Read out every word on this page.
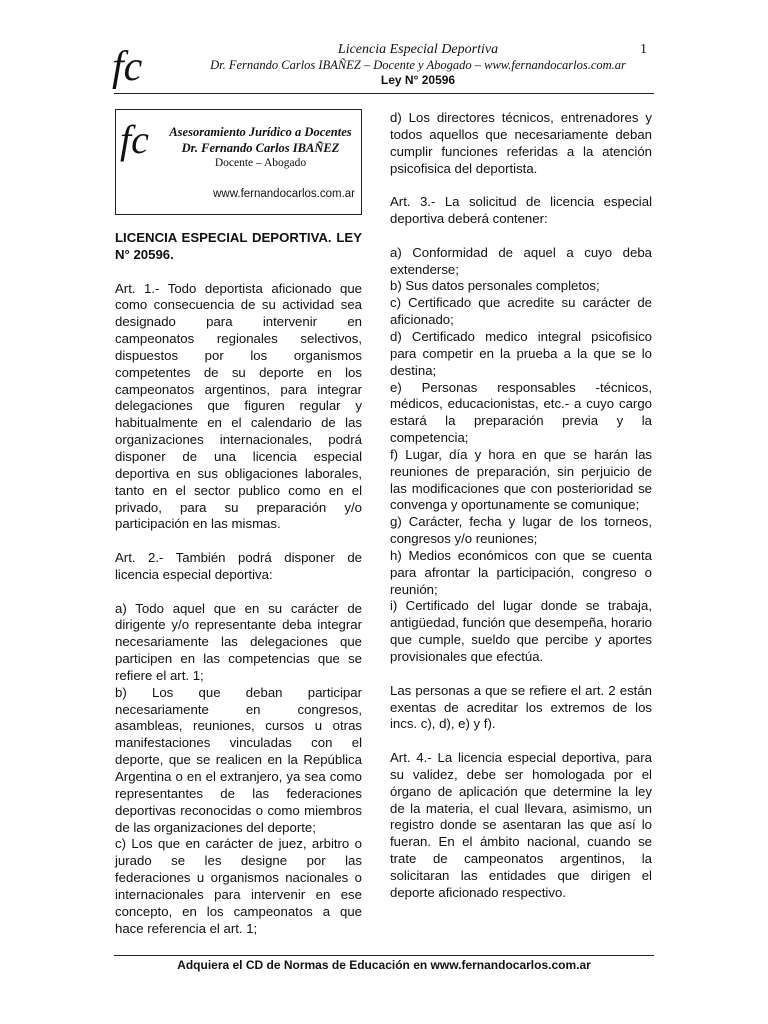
fc	Licencia Especial Deportiva
Dr. Fernando Carlos IBAÑEZ – Docente y Abogado – www.fernandocarlos.com.ar
Ley N° 20596
1
fc	Asesoramiento Jurídico a Docentes
Dr. Fernando Carlos IBAÑEZ
Docente – Abogado
www.fernandocarlos.com.ar

LICENCIA ESPECIAL DEPORTIVA. LEY N° 20596.

Art. 1.- Todo deportista aficionado que como consecuencia de su actividad sea designado para intervenir en campeonatos regionales selectivos, dispuestos por los organismos competentes de su deporte en los campeonatos argentinos, para integrar delegaciones que figuren regular y habitualmente en el calendario de las organizaciones internacionales, podrá disponer de una licencia especial deportiva en sus obligaciones laborales, tanto en el sector publico como en el privado, para su preparación y/o participación en las mismas.

Art. 2.- También podrá disponer de licencia especial deportiva:

a) Todo aquel que en su carácter de dirigente y/o representante deba integrar necesariamente las delegaciones que participen en las competencias que se refiere el art. 1;

b) Los que deban participar necesariamente en congresos, asambleas, reuniones, cursos u otras manifestaciones vinculadas con el deporte, que se realicen en la República Argentina o en el extranjero, ya sea como representantes de las federaciones deportivas reconocidas o como miembros de las organizaciones del deporte;

c) Los que en carácter de juez, arbitro o jurado se les designe por las federaciones u organismos nacionales o internacionales para intervenir en ese concepto, en los campeonatos a que hace referencia el art. 1;

d) Los directores técnicos, entrenadores y todos aquellos que necesariamente deban cumplir funciones referidas a la atención psicofisica del deportista.

Art. 3.- La solicitud de licencia especial deportiva deberá contener:

a) Conformidad de aquel a cuyo deba extenderse;

b) Sus datos personales completos;

c) Certificado que acredite su carácter de aficionado;

d) Certificado medico integral psicofisico para competir en la prueba a la que se lo destina;

e) Personas responsables -técnicos, médicos, educacionistas, etc.- a cuyo cargo estará la preparación previa y la competencia;

f) Lugar, día y hora en que se harán las reuniones de preparación, sin perjuicio de las modificaciones que con posterioridad se convenga y oportunamente se comunique;

g) Carácter, fecha y lugar de los torneos, congresos y/o reuniones;

h) Medios económicos con que se cuenta para afrontar la participación, congreso o reunión;

i) Certificado del lugar donde se trabaja, antigüedad, función que desempeña, horario que cumple, sueldo que percibe y aportes provisionales que efectúa.

Las personas a que se refiere el art. 2 están exentas de acreditar los extremos de los incs. c), d), e) y f).

Art. 4.- La licencia especial deportiva, para su validez, debe ser homologada por el órgano de aplicación que determine la ley de la materia, el cual llevara, asimismo, un registro donde se asentaran las que así lo fueran. En el ámbito nacional, cuando se trate de campeonatos argentinos, la solicitaran las entidades que dirigen el deporte aficionado respectivo.

Adquiera el CD de Normas de Educación en www.fernandocarlos.com.ar
